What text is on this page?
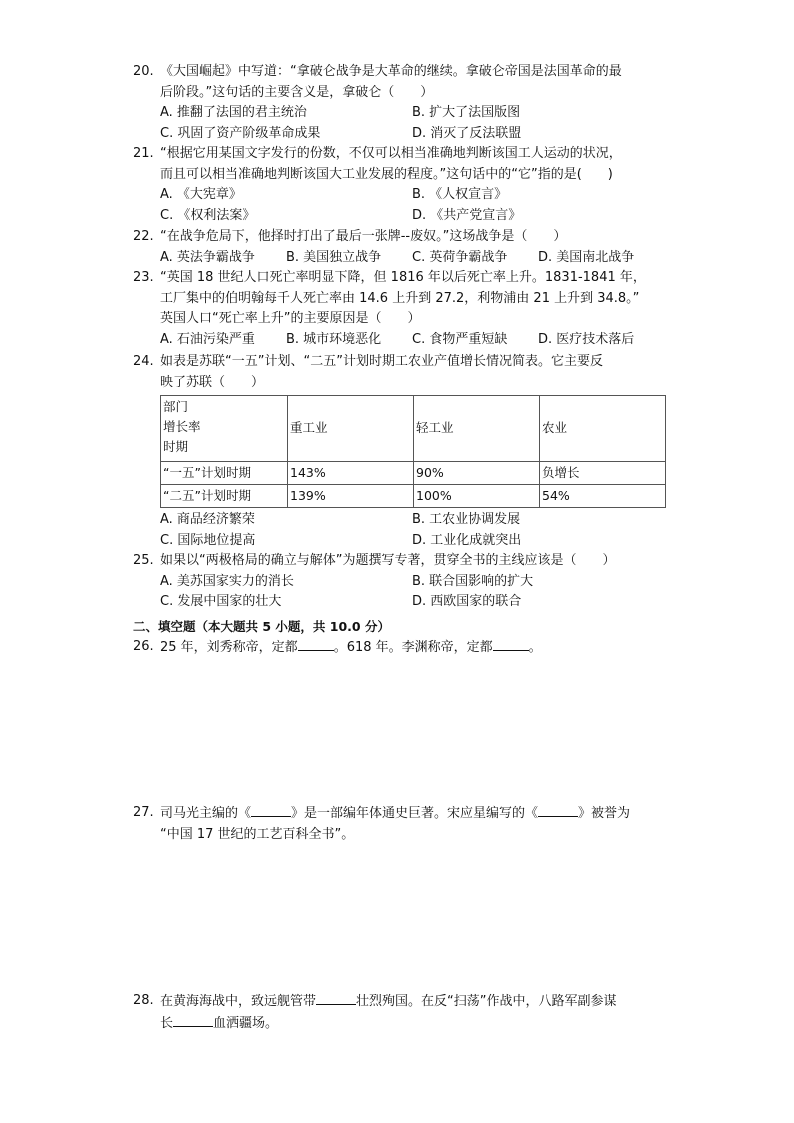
20. 《大国崛起》中写道：“拿破仑战争是大革命的继续。拿破仑帝国是法国革命的最
后阶段。”这句话的主要含义是，拿破仑（　　）
A. 推翻了法国的君主统治	B. 扩大了法国版图
C. 巩固了资产阶级革命成果	D. 消灭了反法联盟
21. “根据它用某国文字发行的份数，不仅可以相当准确地判断该国工人运动的状况，
而且可以相当准确地判断该国大工业发展的程度。”这句话中的“它”指的是(　　)
A. 《大宪章》	B. 《人权宣言》
C. 《权利法案》	D. 《共产党宣言》
22. “在战争危局下，他择时打出了最后一张牌--废奴。”这场战争是（　　）
A. 英法争霸战争	B. 美国独立战争	C. 英荷争霸战争	D. 美国南北战争
23. “英国 18 世纪人口死亡率明显下降，但 1816 年以后死亡率上升。1831-1841 年，
工厂集中的伯明翰每千人死亡率由 14.6 上升到 27.2，利物浦由 21 上升到 34.8。”
英国人口“死亡率上升”的主要原因是（　　）
A. 石油污染严重	B. 城市环境恶化	C. 食物严重短缺	D. 医疗技术落后
24. 如表是苏联“一五”计划、“二五”计划时期工农业产值增长情况简表。它主要反
映了苏联（　　）
部门
增长率
时期	重工业	轻工业	农业
“一五”计划时期	143%	90%	负增长
“二五”计划时期	139%	100%	54%
A. 商品经济繁荣	B. 工农业协调发展
C. 国际地位提高	D. 工业化成就突出
25. 如果以“两极格局的确立与解体”为题撰写专著，贯穿全书的主线应该是（　　）
A. 美苏国家实力的消长	B. 联合国影响的扩大
C. 发展中国家的壮大	D. 西欧国家的联合
二、填空题（本大题共 5 小题，共 10.0 分）
26. 25 年，刘秀称帝，定都	。618 年。李渊称帝，定都	。
27. 司马光主编的《	》是一部编年体通史巨著。宋应星编写的《	》被誉为
“中国 17 世纪的工艺百科全书”。
28. 在黄海海战中，致远舰管带	壮烈殉国。在反“扫荡”作战中，八路军副参谋
长	血洒疆场。
